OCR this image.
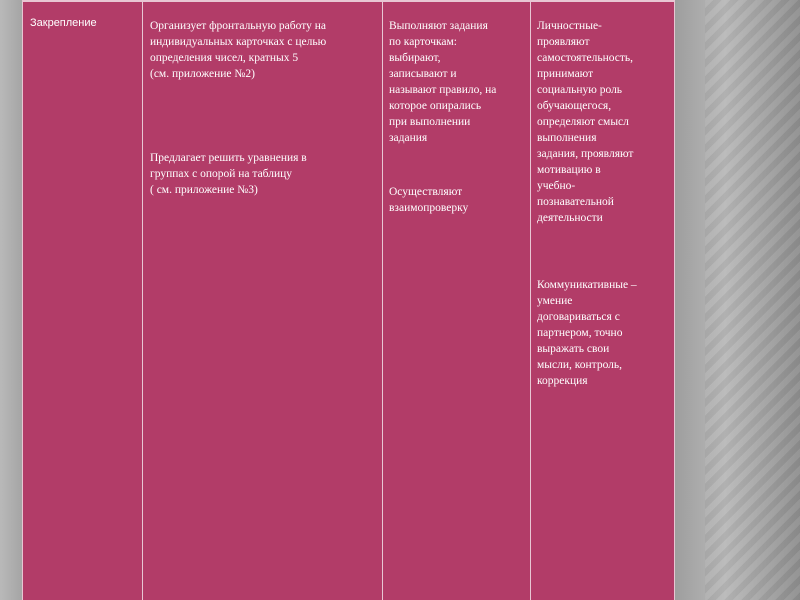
Закрепление	Организует фронтальную работу на
индивидуальных карточках с целью
определения чисел, кратных 5
(см. приложение №2)
Предлагает решить уравнения в
группах с опорой на таблицу
( см. приложение №3)
Выполняют задания
по карточкам:
выбирают,
записывают и
называют правило, на
которое опирались
при выполнении
задания
Осуществляют
взаимопроверку
Личностные-
проявляют
самостоятельность,
принимают
социальную роль
обучающегося,
определяют смысл
выполнения
задания, проявляют
мотивацию в
учебно-
познавательной
деятельности
Коммуникативные –
умение
договариваться с
партнером, точно
выражать свои
мысли, контроль,
коррекция
